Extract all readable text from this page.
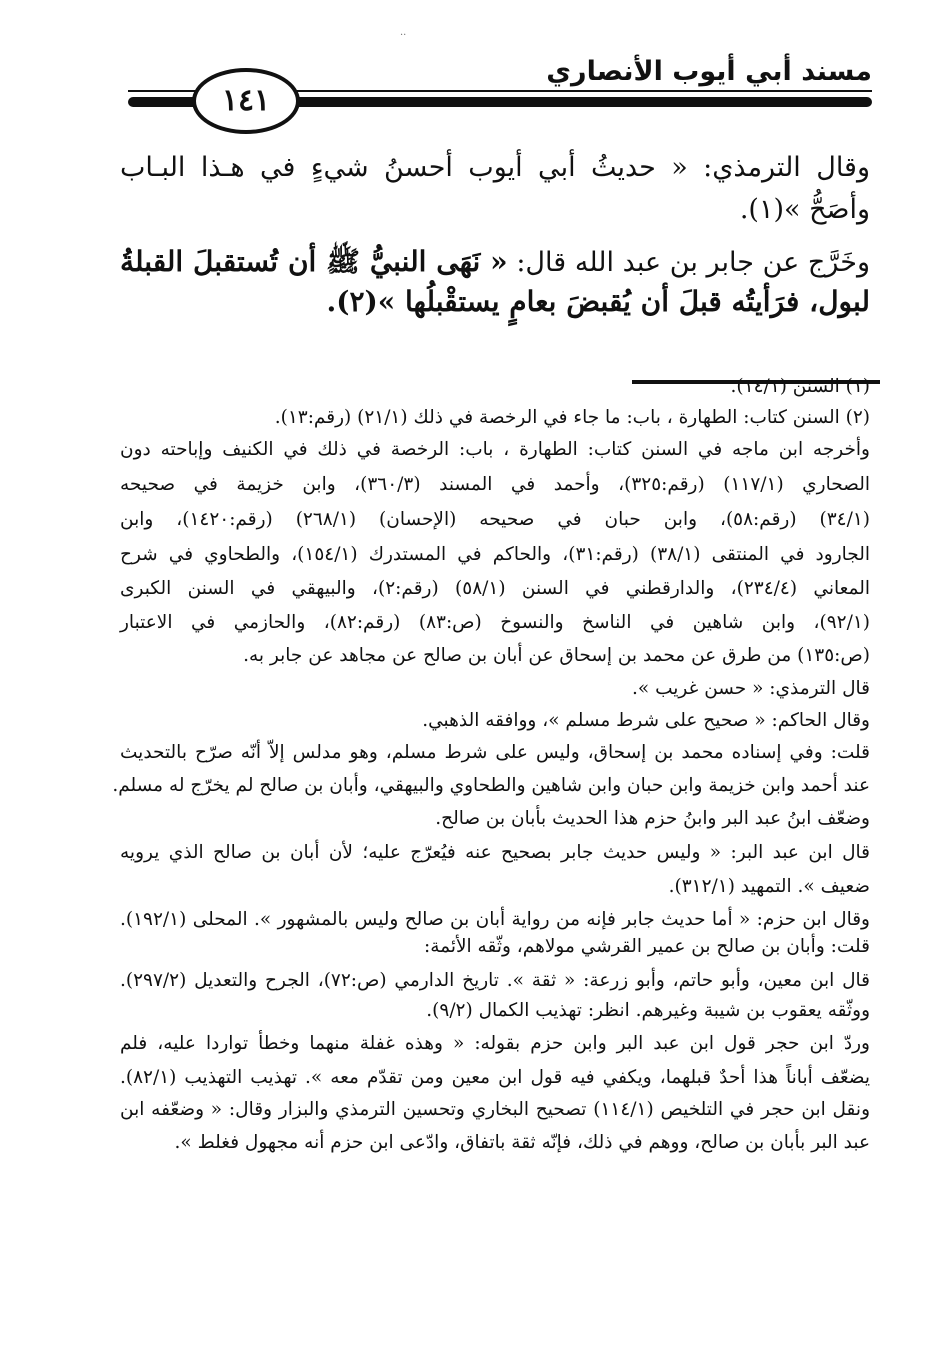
··
مسند أبي أيوب الأنصاري
١٤١
وقال الترمذي: « حديثُ أبي أيوب أحسنُ شيءٍ في هـذا البـاب
وأصَحُّ »(١).
وخَرَّج عن جابر بن عبد الله قال: « نَهَى النبيُّ ﷺ أن تُستقبلَ القبلةُ
لبول، فرَأيتُه قبلَ أن يُقبضَ بعامٍ يستقْبلُها »(٢).
(١) السنن (١٤/١).
(٢) السنن كتاب: الطهارة ، باب: ما جاء في الرخصة في ذلك (٢١/١) (رقم:١٣).
وأخرجه ابن ماجه في السنن كتاب: الطهارة ، باب: الرخصة في ذلك في الكنيف وإباحته دون
الصحاري (١١٧/١) (رقم:٣٢٥)، وأحمد في المسند (٣٦٠/٣)، وابن خزيمة في صحيحه
(٣٤/١) (رقم:٥٨)، وابن حبان في صحيحه (الإحسان) (٢٦٨/١) (رقم:١٤٢٠)، وابن
الجارود في المنتقى (٣٨/١) (رقم:٣١)، والحاكم في المستدرك (١٥٤/١)، والطحاوي في شرح
المعاني (٢٣٤/٤)، والدارقطني في السنن (٥٨/١) (رقم:٢)، والبيهقي في السنن الكبرى
(٩٢/١)، وابن شاهين في الناسخ والنسوخ (ص:٨٣) (رقم:٨٢)، والحازمي في الاعتبار
(ص:١٣٥) من طرق عن محمد بن إسحاق عن أبان بن صالح عن مجاهد عن جابر به.
قال الترمذي: « حسن غريب ».
وقال الحاكم: « صحيح على شرط مسلم »، ووافقه الذهبي.
قلت: وفي إسناده محمد بن إسحاق، وليس على شرط مسلم، وهو مدلس إلاّ أنّه صرّح بالتحديث
عند أحمد وابن خزيمة وابن حبان وابن شاهين والطحاوي والبيهقي، وأبان بن صالح لم يخرّج له مسلم.
وضعّف ابنُ عبد البر وابنُ حزم هذا الحديث بأبان بن صالح.
قال ابن عبد البر: « وليس حديث جابر بصحيح عنه فيُعرّج عليه؛ لأن أبان بن صالح الذي يرويه
ضعيف ». التمهيد (٣١٢/١).
وقال ابن حزم: « أما حديث جابر فإنه من رواية أبان بن صالح وليس بالمشهور ». المحلى (١٩٢/١).
قلت: وأبان بن صالح بن عمير القرشي مولاهم، وثّقه الأئمة:
قال ابن معين، وأبو حاتم، وأبو زرعة: « ثقة ». تاريخ الدارمي (ص:٧٢)، الجرح والتعديل (٢٩٧/٢).
ووثّقه يعقوب بن شيبة وغيرهم. انظر: تهذيب الكمال (٩/٢).
وردّ ابن حجر قول ابن عبد البر وابن حزم بقوله: « وهذه غفلة منهما وخطأ تواردا عليه، فلم
يضعّف أباناً هذا أحدٌ قبلهما، ويكفي فيه قول ابن معين ومن تقدّم معه ». تهذيب التهذيب (٨٢/١).
ونقل ابن حجر في التلخيص (١١٤/١) تصحيح البخاري وتحسين الترمذي والبزار وقال: « وضعّفه ابن
عبد البر بأبان بن صالح، ووهم في ذلك، فإنّه ثقة باتفاق، وادّعى ابن حزم أنه مجهول فغلط ».
